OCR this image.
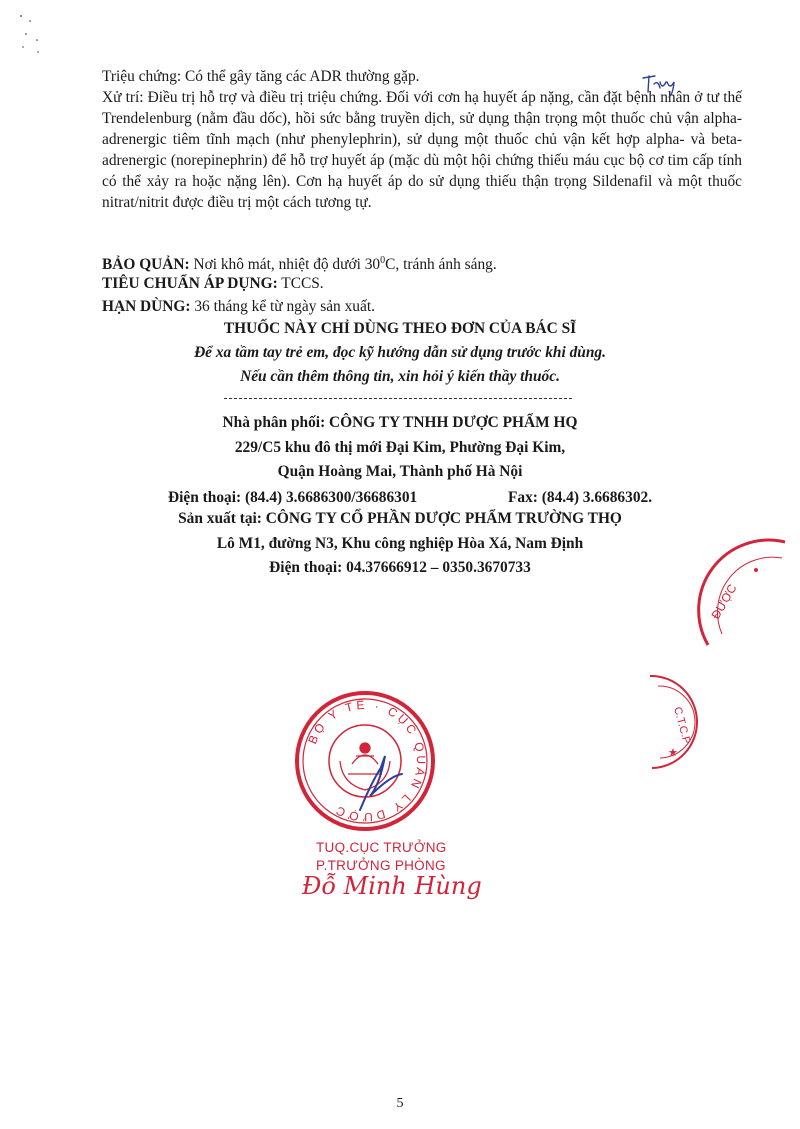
Triệu chứng: Có thể gây tăng các ADR thường gặp.

Xử trí: Điều trị hỗ trợ và điều trị triệu chứng. Đối với cơn hạ huyết áp nặng, cần đặt bệnh nhân ở tư thế Trendelenburg (nằm đầu dốc), hồi sức bằng truyền dịch, sử dụng thận trọng một thuốc chủ vận alpha-adrenergic tiêm tĩnh mạch (như phenylephrin), sử dụng một thuốc chủ vận kết hợp alpha- và beta-adrenergic (norepinephrin) để hỗ trợ huyết áp (mặc dù một hội chứng thiếu máu cục bộ cơ tim cấp tính có thể xảy ra hoặc nặng lên). Cơn hạ huyết áp do sử dụng thiếu thận trọng Sildenafil và một thuốc nitrat/nitrit được điều trị một cách tương tự.

Thuy

BẢO QUẢN: Nơi khô mát, nhiệt độ dưới $30^0C$, tránh ánh sáng.

TIÊU CHUẨN ÁP DỤNG: TCCS.

HẠN DÙNG: 36 tháng kể từ ngày sản xuất.

THUỐC NÀY CHỈ DÙNG THEO ĐƠN CỦA BÁC SĨ

Để xa tầm tay trẻ em, đọc kỹ hướng dẫn sử dụng trước khi dùng.

Nếu cần thêm thông tin, xin hỏi ý kiến thầy thuốc.

Nhà phân phối: CÔNG TY TNHH DƯỢC PHẨM HQ

229/C5 khu đô thị mới Đại Kim, Phường Đại Kim,

Quận Hoàng Mai, Thành phố Hà Nội

Điện thoại: (84.4) 3.6686300/36686301	Fax: (84.4) 3.6686302.

Sản xuất tại: CÔNG TY CỔ PHẦN DƯỢC PHẨM TRƯỜNG THỌ

Lô M1, đường N3, Khu công nghiệp Hòa Xá, Nam Định

Điện thoại: 04.37666912 – 0350.3670733

ĐƯỢC
C.T.C.P
★
BỘ Y TẾ · CỤC QUẢN LÝ DƯỢC

TUQ.CỤC TRƯỞNG

P.TRƯỞNG PHÒNG

Đỗ Minh Hùng

5
